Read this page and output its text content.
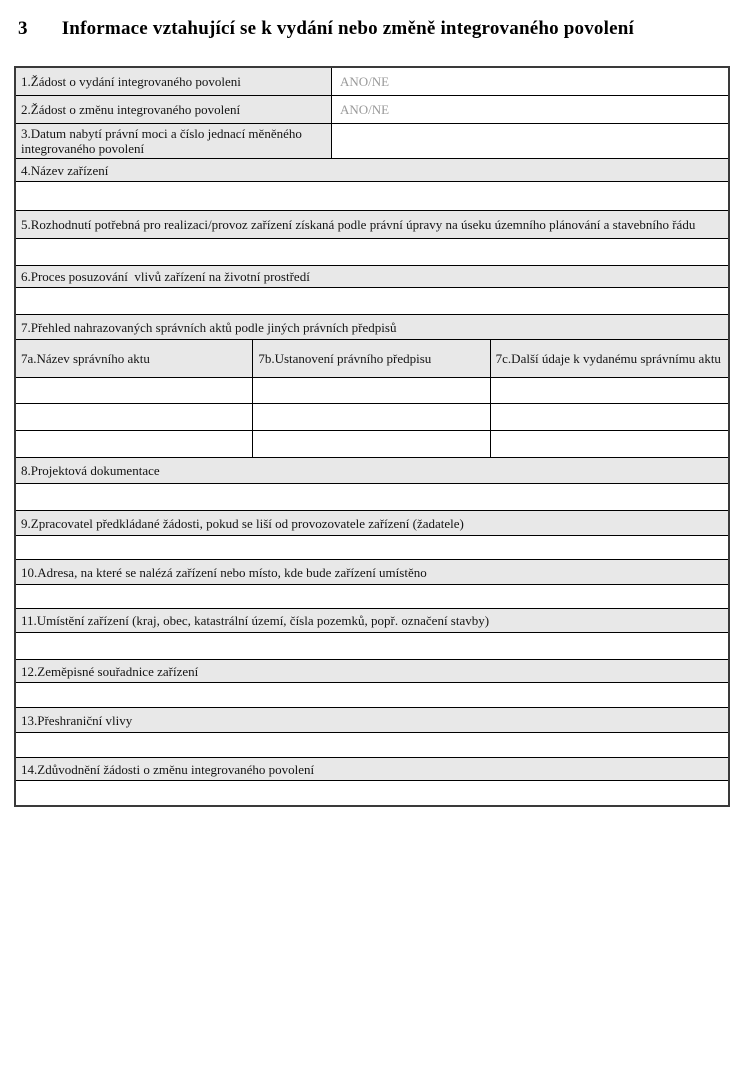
3 Informace vztahující se k vydání nebo změně integrovaného povolení
1.Žádost o vydání integrovaného povoleni	ANO/NE
2.Žádost o změnu integrovaného povolení	ANO/NE
3.Datum nabytí právní moci a číslo jednací měněného integrovaného povolení
4.Název zařízení
5.Rozhodnutí potřebná pro realizaci/provoz zařízení získaná podle právní úpravy na úseku územního plánování a stavebního řádu
6.Proces posuzování  vlivů zařízení na životní prostředí
7.Přehled nahrazovaných správních aktů podle jiných právních předpisů
7a.Název správního aktu	7b.Ustanovení právního předpisu	7c.Další údaje k vydanému správnímu aktu
8.Projektová dokumentace
9.Zpracovatel předkládané žádosti, pokud se liší od provozovatele zařízení (žadatele)
10.Adresa, na které se nalézá zařízení nebo místo, kde bude zařízení umístěno
11.Umístění zařízení (kraj, obec, katastrální území, čísla pozemků, popř. označení stavby)
12.Zeměpisné souřadnice zařízení
13.Přeshraniční vlivy
14.Zdůvodnění žádosti o změnu integrovaného povolení
